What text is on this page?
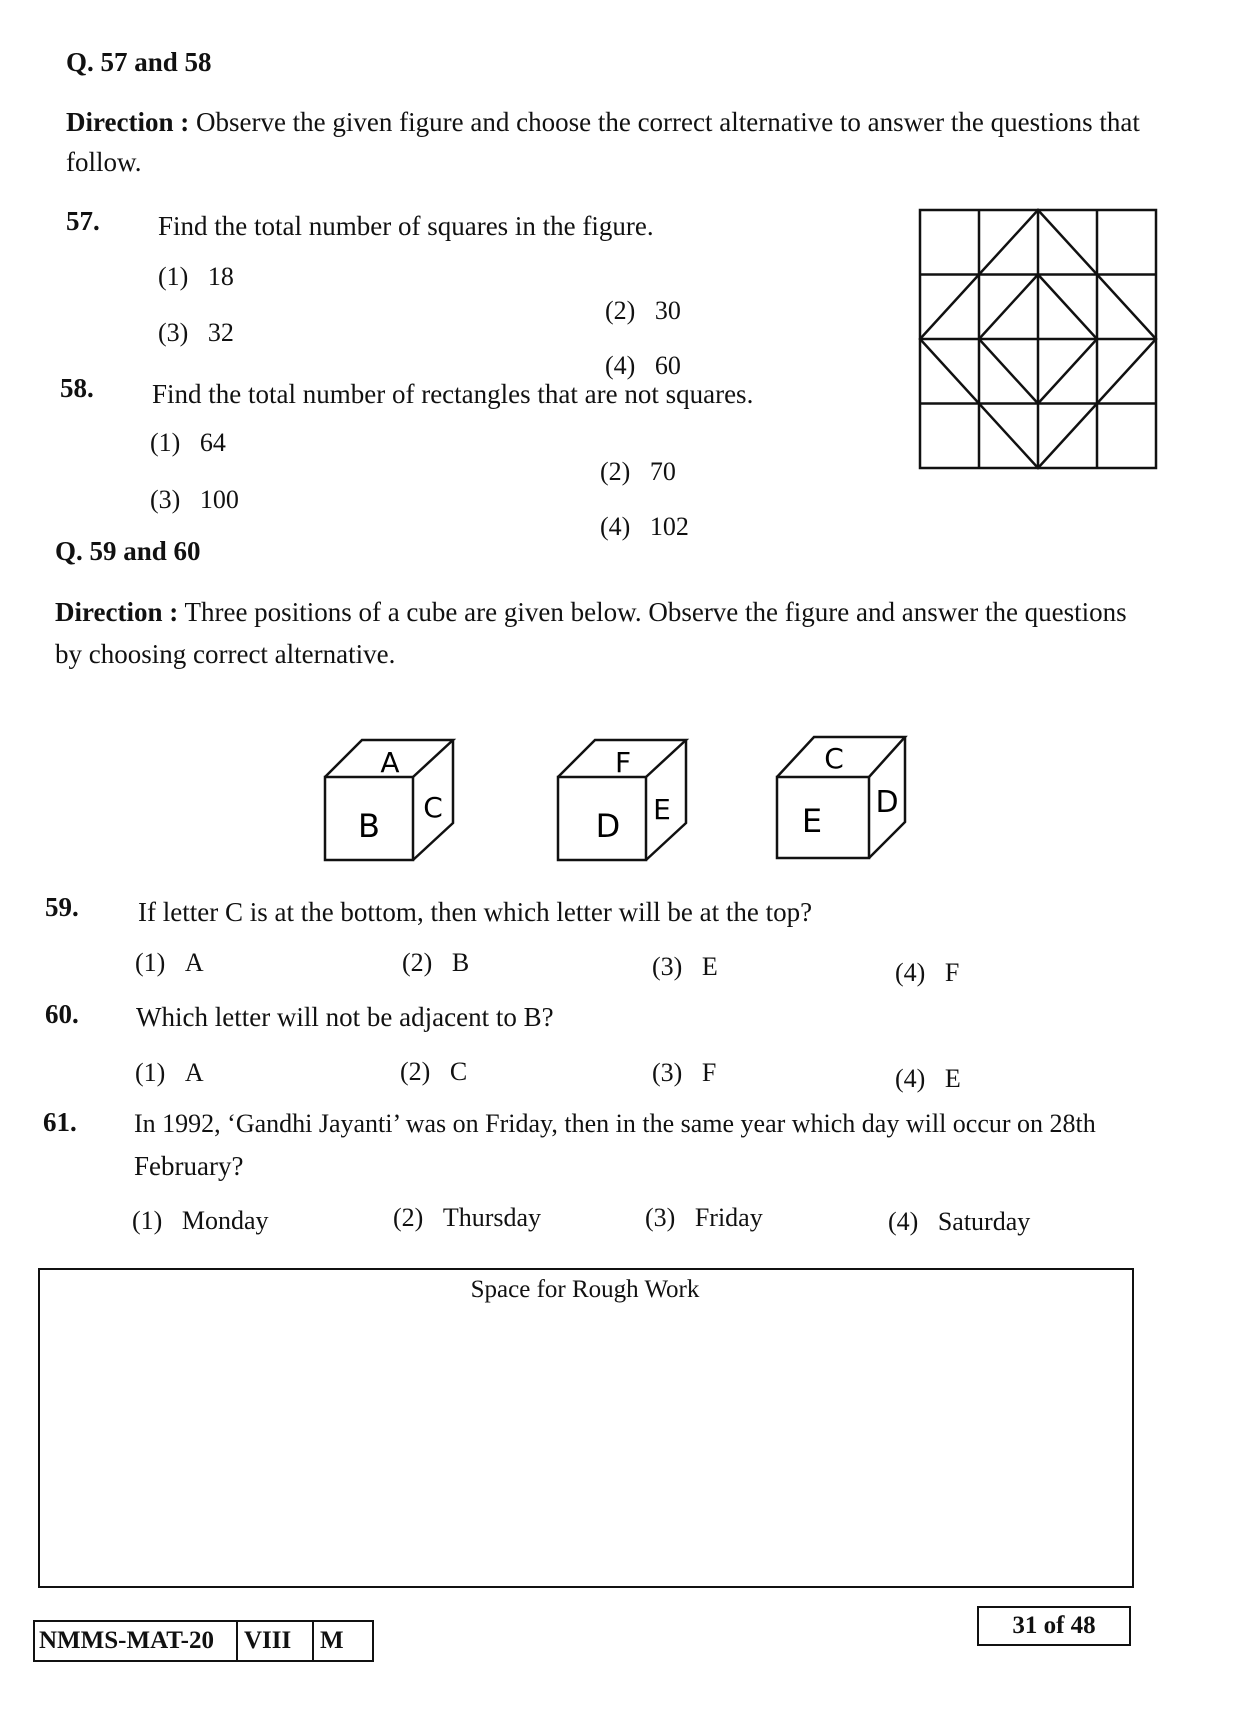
Q. 57 and 58
Direction : Observe the given figure and choose the correct alternative to answer the questions that
follow.
57. Find the total number of squares in the figure.
(1) 18
(2) 30
(3) 32
(4) 60
58. Find the total number of rectangles that are not squares.
(1) 64
(2) 70
(3) 100
(4) 102
Q. 59 and 60
Direction : Three positions of a cube are given below. Observe the figure and answer the questions
by choosing correct alternative.
A
B C
F
D E
C
E D
59. If letter C is at the bottom, then which letter will be at the top?
(1) A	(2) B	(3) E	(4) F
60. Which letter will not be adjacent to B?
(1) A	(2) C	(3) F	(4) E
61. In 1992, ‘Gandhi Jayanti’ was on Friday, then in the same year which day will occur on 28th
February?
(1) Monday	(2) Thursday	(3) Friday	(4) Saturday
Space for Rough Work
NMMS-MAT-20	VIII	M
31 of 48
